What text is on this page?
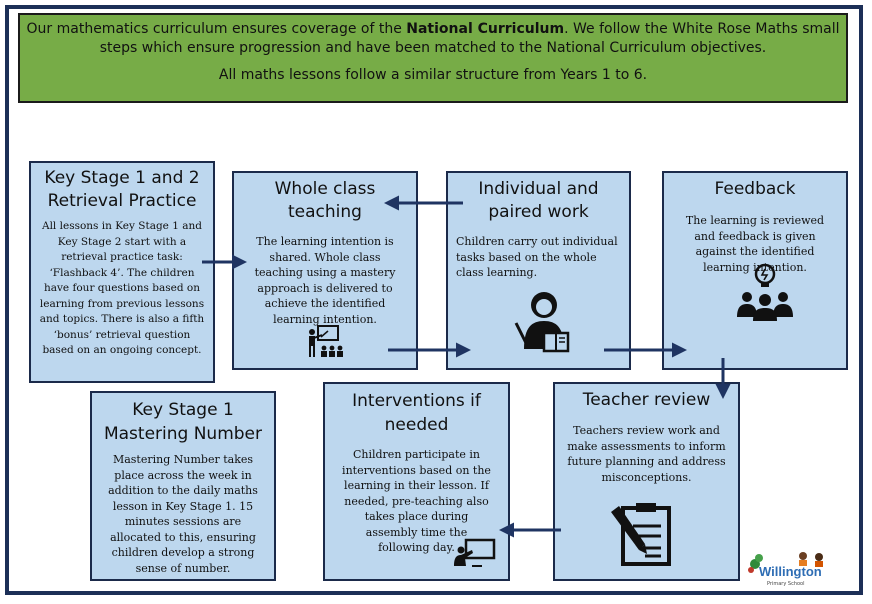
Our mathematics curriculum ensures coverage of the National Curriculum. We follow the White Rose Maths small steps which ensure progression and have been matched to the National Curriculum objectives.

All maths lessons follow a similar structure from Years 1 to 6.

Key Stage 1 and 2 Retrieval Practice
All lessons in Key Stage 1 and Key Stage 2 start with a retrieval practice task: ‘Flashback 4’. The children have four questions based on learning from previous lessons and topics. There is also a fifth ‘bonus’ retrieval question based on an ongoing concept.
Whole class teaching
The learning intention is shared. Whole class teaching using a mastery approach is delivered to achieve the identified learning intention.
Individual and paired work
Children carry out individual tasks based on the whole class learning.
Feedback
The learning is reviewed and feedback is given against the identified learning intention.
Key Stage 1 Mastering Number
Mastering Number takes place across the week in addition to the daily maths lesson in Key Stage 1. 15 minutes sessions are allocated to this, ensuring children develop a strong sense of number.
Interventions if needed
Children participate in interventions based on the learning in their lesson. If needed, pre-teaching also takes place during assembly time the following day.
Teacher review
Teachers review work and make assessments to inform future planning and address misconceptions.
Willington
Primary School
